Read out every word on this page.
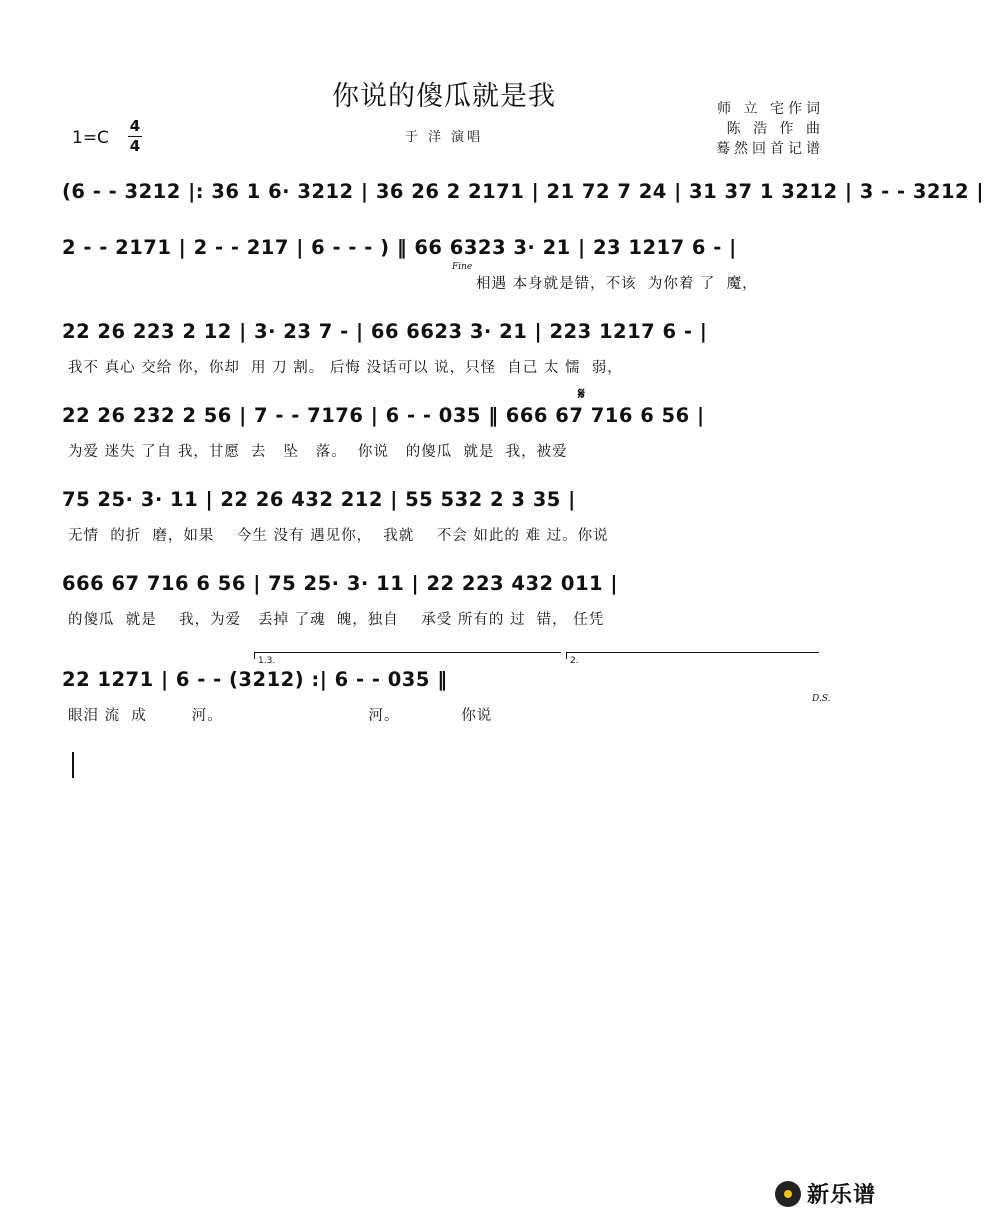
你说的傻瓜就是我	师 立 宅作词
陈 浩 作 曲
蓦然回首记谱
于 洋 演唱
1=C
4
4
(6 - - 3212 |: 36 1 6· 3212 | 36 26 2 2171 | 21 72 7 24 | 31 37 1 3212 | 3 - - 3212 |
2 - - 2171 | 2 - - 217 | 6 - - - ) ‖ 66 6323 3· 21 | 23 1217 6 - |
Fine
相遇 本身就是错，不该  为你着 了  魔，
22 26 223 2 12 | 3· 23 7 - | 66 6623 3· 21 | 223 1217 6 - |
我不 真心 交给 你，你却  用 刀 割。 后悔 没话可以 说，只怪  自己 太 懦  弱，
𝄋
22 26 232 2 56 | 7 - - 7176 | 6 - - 035 ‖ 666 67 716 6 56 |
为爱 迷失 了自 我，甘愿  去   坠   落。  你说   的傻瓜  就是  我，被爱
75 25· 3· 11 | 22 26 432 212 | 55 532 2 3 35 |
无情  的折  磨，如果    今生 没有 遇见你，  我就    不会 如此的 难 过。你说
666 67 716 6 56 | 75 25· 3· 11 | 22 223 432 011 |
的傻瓜  就是    我，为爱   丢掉 了魂  魄，独自    承受 所有的 过  错， 任凭
1.3.	2.
22 1271 | 6 - - (3212) :| 6 - - 035 ‖
D.S.
眼泪 流  成        河。                          河。           你说
新乐谱
